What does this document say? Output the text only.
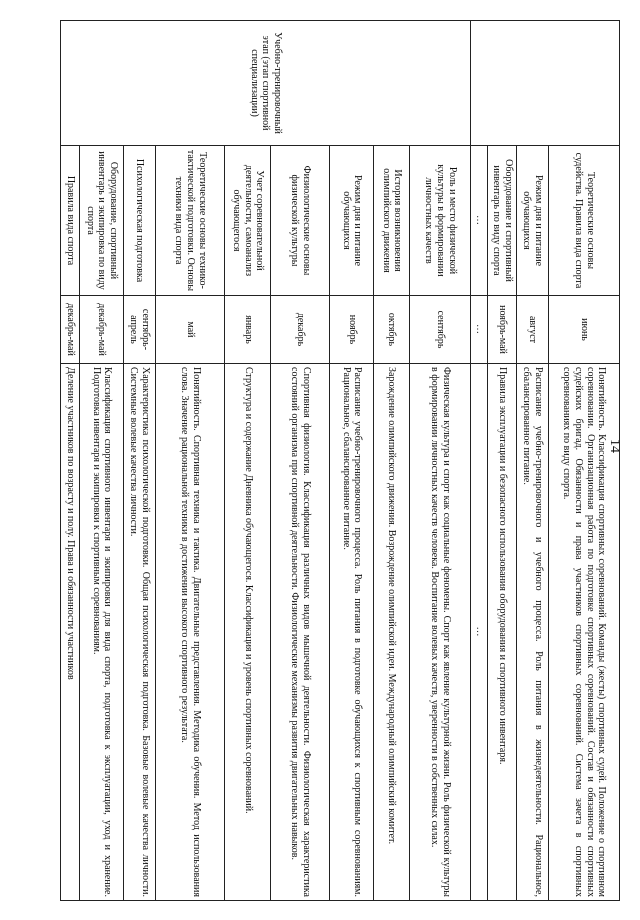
14
	Теоретические основы судейства. Правила вида спорта	июнь	Понятийность. Классификация спортивных соревнований. Команды (жесты) спортивных судей. Положение о спортивном соревновании. Организационная работа по подготовке спортивных соревнований. Состав и обязанности спортивных судейских бригад. Обязанности и права участников спортивных соревнований. Система зачета в спортивных соревнованиях по виду спорта.
	Режим дня и питание обучающихся	август	Расписание учебно-тренировочного и учебного процесса. Роль питания в жизнедеятельности. Рациональное, сбалансированное питание.
	Оборудование и спортивный инвентарь по виду спорта	ноябрь-май	Правила эксплуатации и безопасного использования оборудования и спортивного инвентаря.
	…	…	…
Учебно-тренировочный этап (этап спортивной специализации)	Роль и место физической культуры в формировании личностных качеств	сентябрь	Физическая культура и спорт как социальные феномены. Спорт как явление культурной жизни. Роль физической культуры в формировании личностных качеств человека. Воспитание волевых качеств, уверенности в собственных силах.
	История возникновения олимпийского движения	октябрь	Зарождение олимпийского движения. Возрождение олимпийской идеи. Международный олимпийский комитет.
	Режим дня и питание обучающихся	ноябрь	Расписание учебно-тренировочного процесса. Роль питания в подготовке обучающихся к спортивным соревнованиям. Рациональное, сбалансированное питание.
	Физиологические основы физической культуры	декабрь	Спортивная физиология. Классификация различных видов мышечной деятельности. Физиологическая характеристика состояний организма при спортивной деятельности. Физиологические механизмы развития двигательных навыков.
	Учет соревновательной деятельности, самоанализ обучающегося	январь	Структура и содержание Дневника обучающегося. Классификация и уровень спортивных соревнований.
	Теоретические основы технико-тактической подготовки. Основы техники вида спорта	май	Понятийность. Спортивная техника и тактика. Двигательные представления. Методика обучения. Метод использования слова. Значение рациональной техники в достижении высокого спортивного результата.
	Психологическая подготовка	сентябрь-апрель	Характеристика психологической подготовки. Общая психологическая подготовка. Базовые волевые качества личности. Системные волевые качества личности.
	Оборудование, спортивный инвентарь и экипировка по виду спорта	декабрь-май	Классификация спортивного инвентаря и экипировки для вида спорта, подготовка к эксплуатации, уход и хранение. Подготовка инвентаря и экипировки к спортивным соревнованиям.
	Правила вида спорта	декабрь-май	Деление участников по возрасту и полу. Права и обязанности участников
